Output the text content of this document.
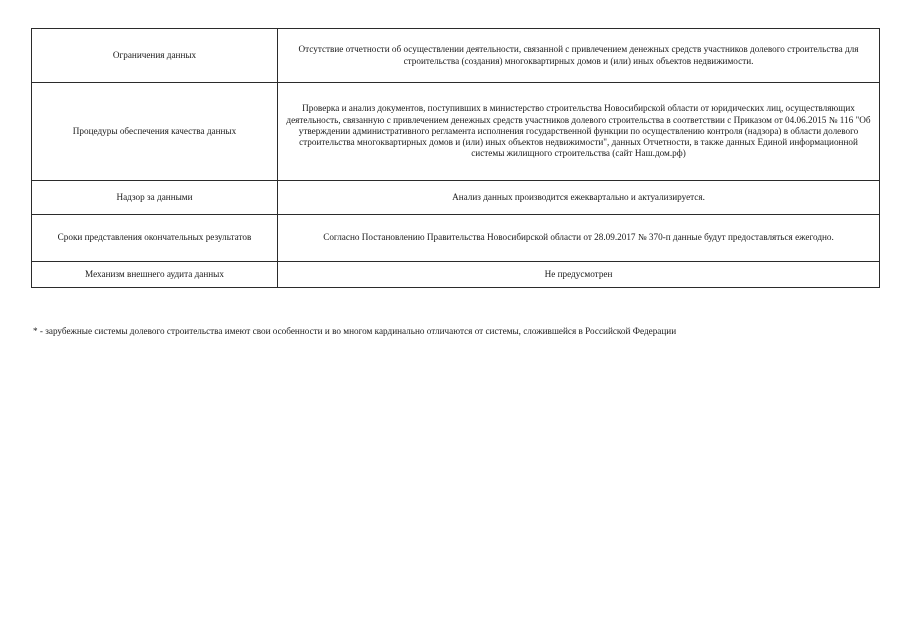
Ограничения данных	Отсутствие отчетности об осуществлении деятельности, связанной с привлечением денежных средств участников долевого строительства для строительства (создания) многоквартирных домов и (или) иных объектов недвижимости.
Процедуры обеспечения качества данных	Проверка и анализ документов, поступивших в министерство строительства Новосибирской области от юридических лиц, осуществляющих деятельность, связанную с привлечением денежных средств участников долевого строительства в соответствии с Приказом от 04.06.2015 № 116 "Об утверждении административного регламента исполнения государственной функции по осуществлению контроля (надзора) в области долевого строительства многоквартирных домов и (или) иных объектов недвижимости", данных Отчетности, в также данных Единой информационной системы жилищного строительства (сайт Наш.дом.рф)
Надзор за данными	Анализ данных производится ежеквартально и актуализируется.
Сроки представления окончательных результатов	Согласно Постановлению Правительства Новосибирской области от 28.09.2017 № 370-п данные будут предоставляться ежегодно.
Механизм внешнего аудита данных	Не предусмотрен
* - зарубежные системы долевого строительства имеют свои особенности и во многом кардинально отличаются от системы, сложившейся в Российской Федерации
